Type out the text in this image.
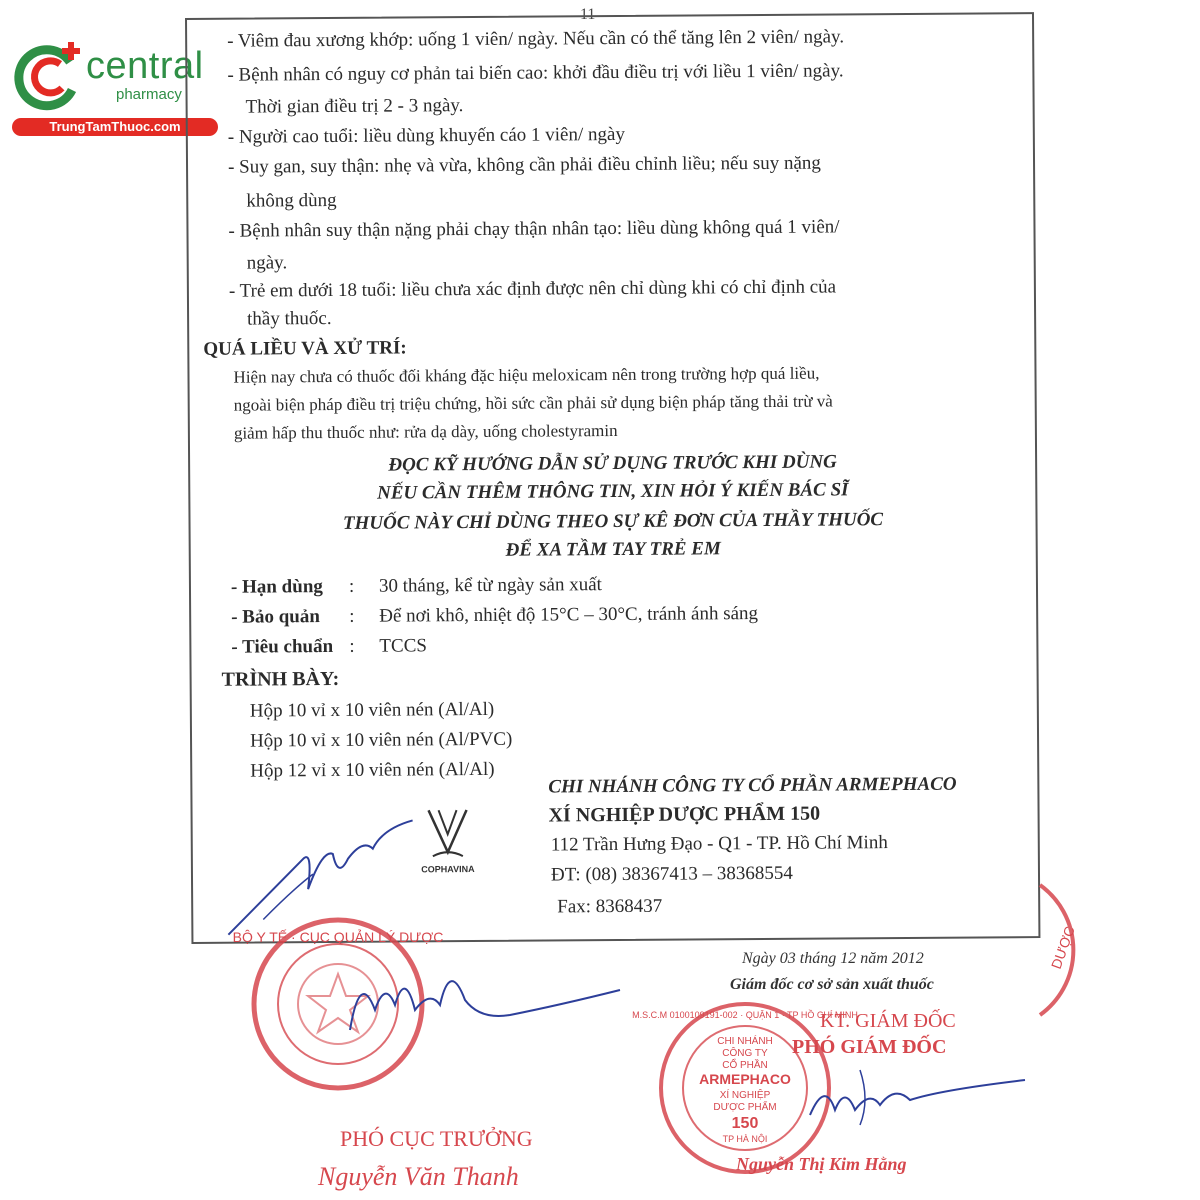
central
pharmacy
TrungTamThuoc.com
11
- Viêm đau xương khớp: uống 1 viên/ ngày. Nếu cần có thể tăng lên 2 viên/ ngày.
- Bệnh nhân có nguy cơ phản tai biến cao: khởi đầu điều trị với liều 1 viên/ ngày.
Thời gian điều trị 2 - 3 ngày.
- Người cao tuổi: liều dùng khuyến cáo 1 viên/ ngày
- Suy gan, suy thận: nhẹ và vừa, không cần phải điều chỉnh liều; nếu suy nặng
không dùng
- Bệnh nhân suy thận nặng phải chạy thận nhân tạo: liều dùng không quá 1 viên/
ngày.
- Trẻ em dưới 18 tuổi: liều chưa xác định được nên chỉ dùng khi có chỉ định của
thầy thuốc.
QUÁ LIỀU VÀ XỬ TRÍ:
Hiện nay chưa có thuốc đối kháng đặc hiệu meloxicam nên trong trường hợp quá liều,
ngoài biện pháp điều trị triệu chứng, hồi sức cần phải sử dụng biện pháp tăng thải trừ và
giảm hấp thu thuốc như: rửa dạ dày, uống cholestyramin
ĐỌC KỸ HƯỚNG DẪN SỬ DỤNG TRƯỚC KHI DÙNG
NẾU CẦN THÊM THÔNG TIN, XIN HỎI Ý KIẾN BÁC SĨ
THUỐC NÀY CHỈ DÙNG THEO SỰ KÊ ĐƠN CỦA THẦY THUỐC
ĐỂ XA TẦM TAY TRẺ EM
- Hạn dùng : 30 tháng, kể từ ngày sản xuất
- Bảo quản : Để nơi khô, nhiệt độ 15°C – 30°C, tránh ánh sáng
- Tiêu chuẩn : TCCS
TRÌNH BÀY:
Hộp 10 vỉ x 10 viên nén (Al/Al)
Hộp 10 vỉ x 10 viên nén (Al/PVC)
Hộp 12 vỉ x 10 viên nén (Al/Al)
CHI NHÁNH CÔNG TY CỔ PHẦN ARMEPHACO
XÍ NGHIỆP DƯỢC PHẨM 150
112 Trần Hưng Đạo - Q1 - TP. Hồ Chí Minh
ĐT: (08) 38367413 – 38368554
Fax: 8368437
COPHAVINA
Ngày 03 tháng 12 năm 2012
Giám đốc cơ sở sản xuất thuốc
KT. GIÁM ĐỐC
PHÓ GIÁM ĐỐC
Nguyễn Thị Kim Hằng
PHÓ CỤC TRƯỞNG
Nguyễn Văn Thanh
BỘ Y TẾ · CỤC QUẢN LÝ DƯỢC
M.S.C.M 0100109191-002 · QUẬN 1 · TP HỒ CHÍ MINH
CHI NHÁNH
CÔNG TY
CỔ PHẦN
ARMEPHACO
XÍ NGHIỆP
DƯỢC PHẨM
150
TP HÀ NỘI
DƯỢC
